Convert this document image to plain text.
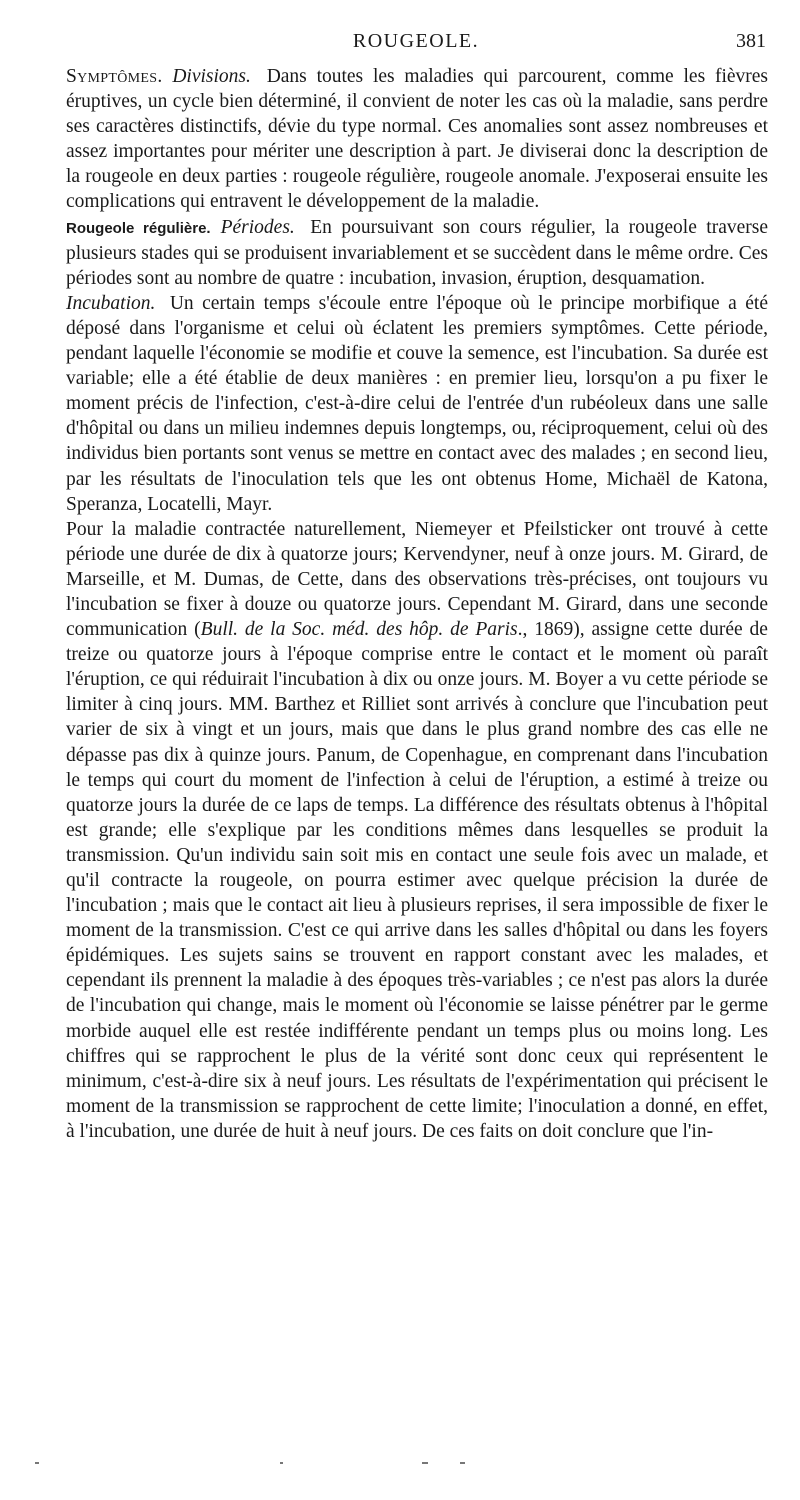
ROUGEOLE.	381

Symptômes. Divisions. Dans toutes les maladies qui parcourent, comme les fièvres éruptives, un cycle bien déterminé, il convient de noter les cas où la maladie, sans perdre ses caractères distinctifs, dévie du type normal. Ces anomalies sont assez nombreuses et assez importantes pour mériter une description à part. Je diviserai donc la description de la rougeole en deux parties : rougeole régulière, rougeole anomale. J'exposerai ensuite les complications qui entravent le développement de la maladie.

Rougeole régulière. Périodes. En poursuivant son cours régulier, la rougeole traverse plusieurs stades qui se produisent invariablement et se succèdent dans le même ordre. Ces périodes sont au nombre de quatre : incubation, invasion, éruption, desquamation.

Incubation. Un certain temps s'écoule entre l'époque où le principe morbifique a été déposé dans l'organisme et celui où éclatent les premiers symptômes. Cette période, pendant laquelle l'économie se modifie et couve la semence, est l'incubation. Sa durée est variable; elle a été établie de deux manières : en premier lieu, lorsqu'on a pu fixer le moment précis de l'infection, c'est-à-dire celui de l'entrée d'un rubéoleux dans une salle d'hôpital ou dans un milieu indemnes depuis longtemps, ou, réciproquement, celui où des individus bien portants sont venus se mettre en contact avec des malades ; en second lieu, par les résultats de l'inoculation tels que les ont obtenus Home, Michaël de Katona, Speranza, Locatelli, Mayr.

Pour la maladie contractée naturellement, Niemeyer et Pfeilsticker ont trouvé à cette période une durée de dix à quatorze jours; Kervendyner, neuf à onze jours. M. Girard, de Marseille, et M. Dumas, de Cette, dans des observations très-précises, ont toujours vu l'incubation se fixer à douze ou quatorze jours. Cependant M. Girard, dans une seconde communication (Bull. de la Soc. méd. des hôp. de Paris., 1869), assigne cette durée de treize ou quatorze jours à l'époque comprise entre le contact et le moment où paraît l'éruption, ce qui réduirait l'incubation à dix ou onze jours. M. Boyer a vu cette période se limiter à cinq jours. MM. Barthez et Rilliet sont arrivés à conclure que l'incubation peut varier de six à vingt et un jours, mais que dans le plus grand nombre des cas elle ne dépasse pas dix à quinze jours. Panum, de Copenhague, en comprenant dans l'incubation le temps qui court du moment de l'infection à celui de l'éruption, a estimé à treize ou quatorze jours la durée de ce laps de temps. La différence des résultats obtenus à l'hôpital est grande; elle s'explique par les conditions mêmes dans lesquelles se produit la transmission. Qu'un individu sain soit mis en contact une seule fois avec un malade, et qu'il contracte la rougeole, on pourra estimer avec quelque précision la durée de l'incubation ; mais que le contact ait lieu à plusieurs reprises, il sera impossible de fixer le moment de la transmission. C'est ce qui arrive dans les salles d'hôpital ou dans les foyers épidémiques. Les sujets sains se trouvent en rapport constant avec les malades, et cependant ils prennent la maladie à des époques très-variables ; ce n'est pas alors la durée de l'incubation qui change, mais le moment où l'économie se laisse pénétrer par le germe morbide auquel elle est restée indifférente pendant un temps plus ou moins long. Les chiffres qui se rapprochent le plus de la vérité sont donc ceux qui représentent le minimum, c'est-à-dire six à neuf jours. Les résultats de l'expérimentation qui précisent le moment de la transmission se rapprochent de cette limite; l'inoculation a donné, en effet, à l'incubation, une durée de huit à neuf jours. De ces faits on doit conclure que l'in-
